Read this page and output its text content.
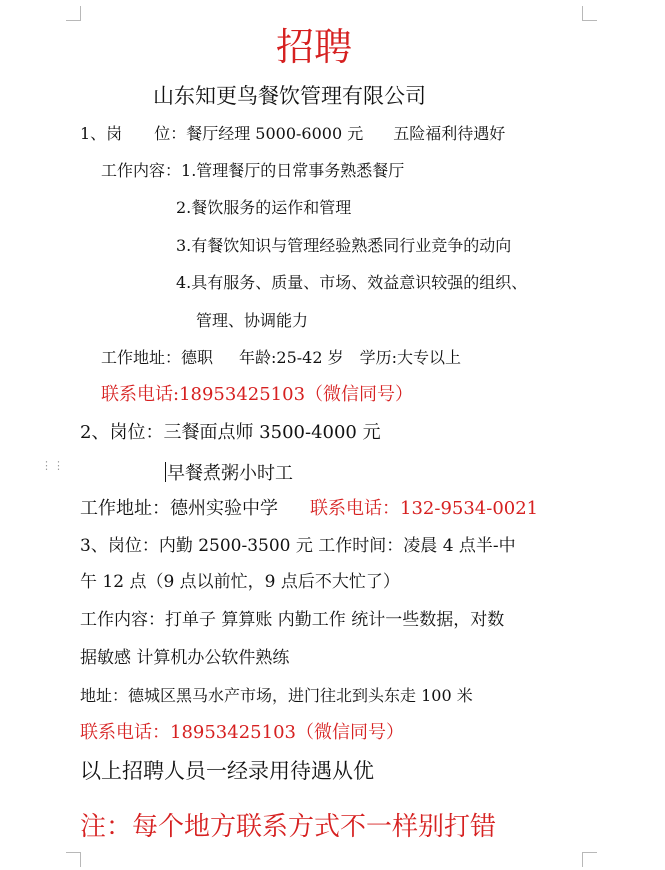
招聘
山东知更鸟餐饮管理有限公司
1、岗 位：餐厅经理 5000-6000 元 五险福利待遇好
工作内容：1.管理餐厅的日常事务熟悉餐厅
2.餐饮服务的运作和管理
3.有餐饮知识与管理经验熟悉同行业竞争的动向
4.具有服务、质量、市场、效益意识较强的组织、
管理、协调能力
工作地址：德职 年龄:25-42 岁 学历:大专以上
联系电话:18953425103（微信同号）
2、岗位：三餐面点师 3500-4000 元
⋮⋮	早餐煮粥小时工
工作地址：德州实验中学 联系电话：132-9534-0021
3、岗位：内勤 2500-3500 元 工作时间：凌晨 4 点半-中
午 12 点（9 点以前忙，9 点后不大忙了）
工作内容：打单子 算算账 内勤工作 统计一些数据，对数
据敏感 计算机办公软件熟练
地址：德城区黑马水产市场，进门往北到头东走 100 米
联系电话：18953425103（微信同号）
以上招聘人员一经录用待遇从优
注：每个地方联系方式不一样别打错
